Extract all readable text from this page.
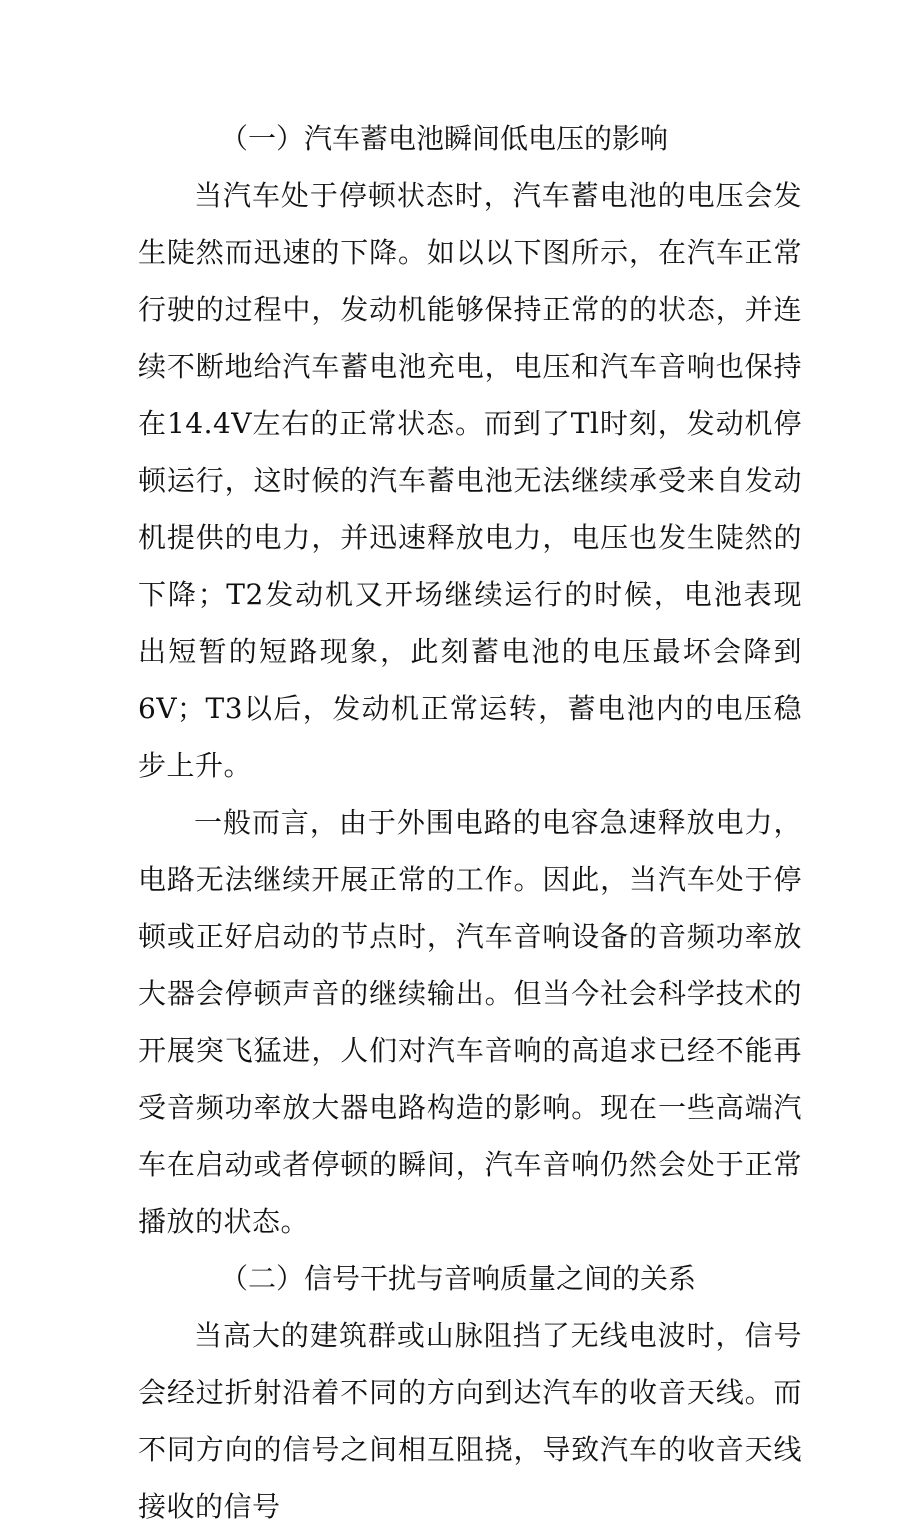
（一）汽车蓄电池瞬间低电压的影响

当汽车处于停顿状态时，汽车蓄电池的电压会发生陡然而迅速的下降。如以以下图所示，在汽车正常行驶的过程中，发动机能够保持正常的的状态，并连续不断地给汽车蓄电池充电，电压和汽车音响也保持在14.4V左右的正常状态。而到了Tl时刻，发动机停顿运行，这时候的汽车蓄电池无法继续承受来自发动机提供的电力，并迅速释放电力，电压也发生陡然的下降；T2发动机又开场继续运行的时候，电池表现出短暂的短路现象，此刻蓄电池的电压最坏会降到6V；T3以后，发动机正常运转，蓄电池内的电压稳步上升。

一般而言，由于外围电路的电容急速释放电力，电路无法继续开展正常的工作。因此，当汽车处于停顿或正好启动的节点时，汽车音响设备的音频功率放大器会停顿声音的继续输出。但当今社会科学技术的开展突飞猛进，人们对汽车音响的高追求已经不能再受音频功率放大器电路构造的影响。现在一些高端汽车在启动或者停顿的瞬间，汽车音响仍然会处于正常播放的状态。

（二）信号干扰与音响质量之间的关系

当高大的建筑群或山脉阻挡了无线电波时，信号会经过折射沿着不同的方向到达汽车的收音天线。而不同方向的信号之间相互阻挠，导致汽车的收音天线接收的信号
